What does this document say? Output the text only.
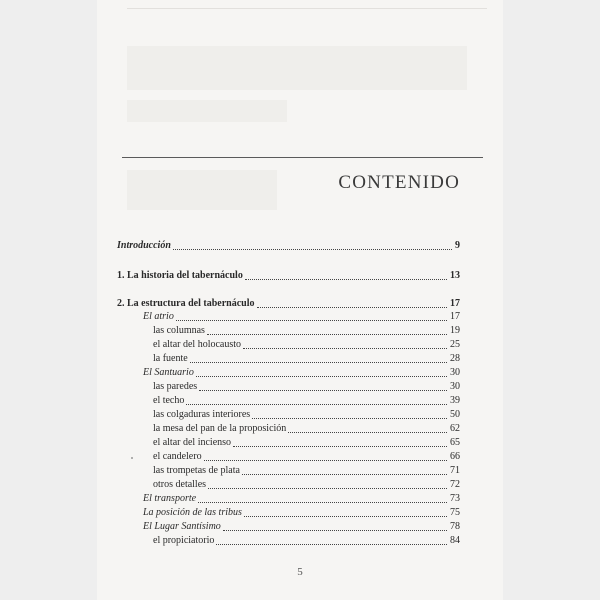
CONTENIDO
Introducción	9
1. La historia del tabernáculo	13
2. La estructura del tabernáculo	17
El atrio	17
las columnas	19
el altar del holocausto	25
la fuente	28
El Santuario	30
las paredes	30
el techo	39
las colgaduras interiores	50
la mesa del pan de la proposición	62
el altar del incienso	65
el candelero	66
las trompetas de plata	71
otros detalles	72
El transporte	73
La posición de las tribus	75
El Lugar Santísimo	78
el propiciatorio	84
5
